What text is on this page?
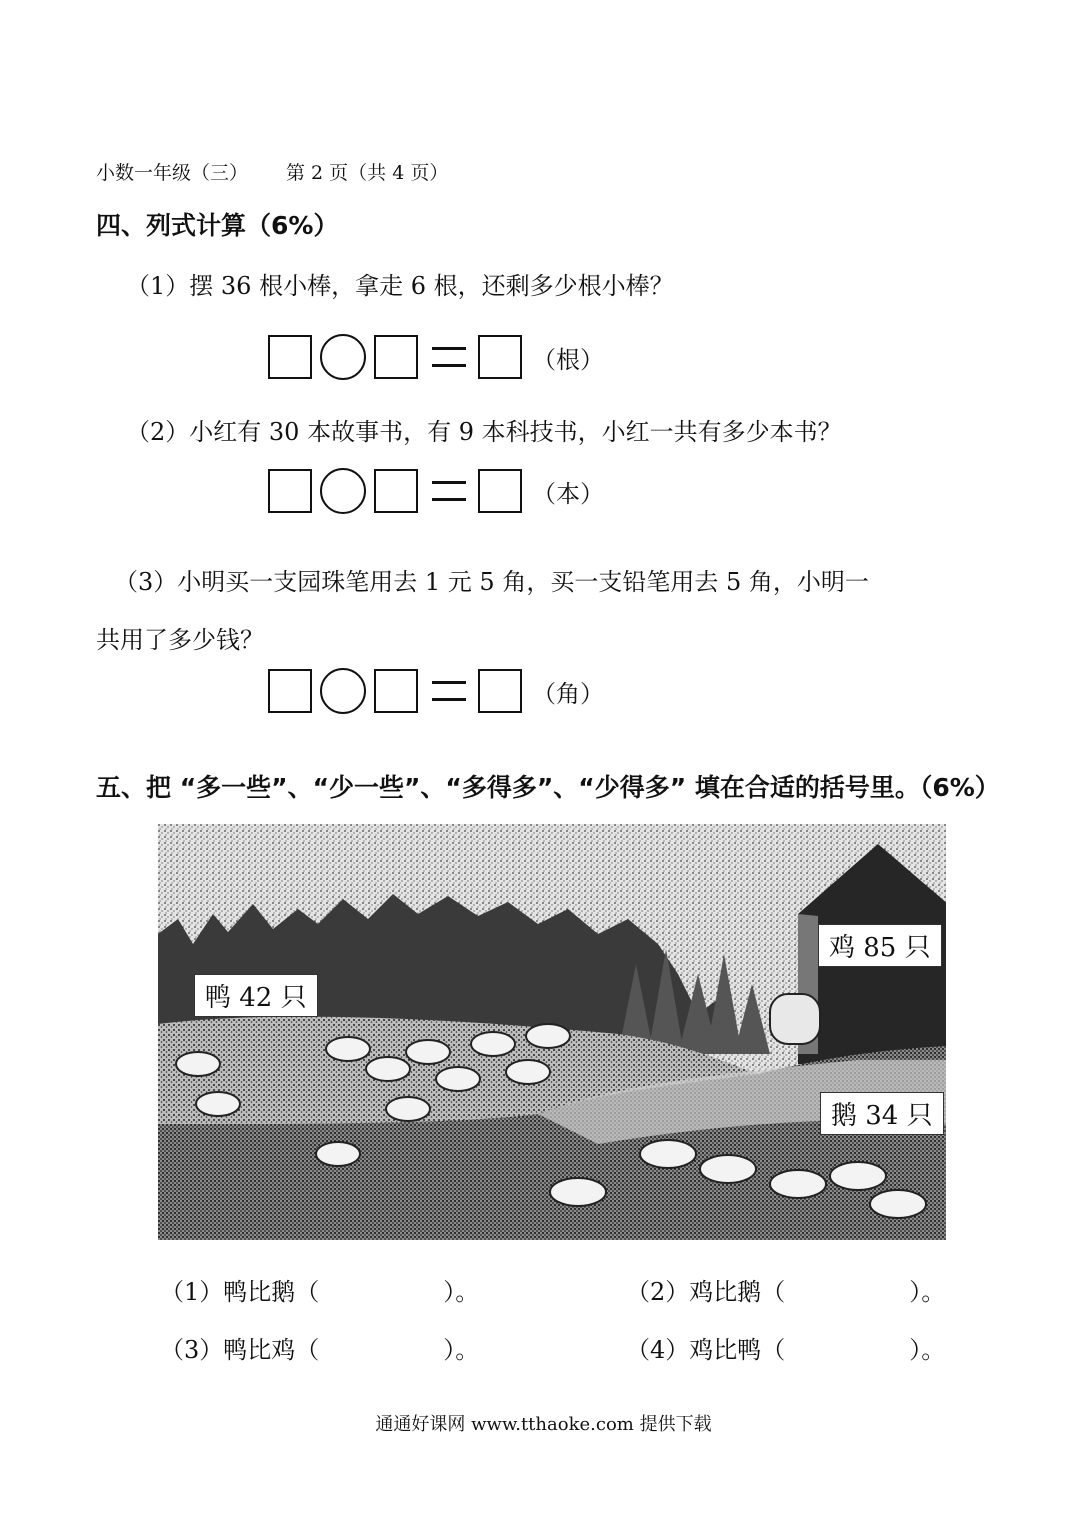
小数一年级（三） 第 2 页（共 4 页）
四、列式计算（6%）
（1）摆 36 根小棒，拿走 6 根，还剩多少根小棒？
（根）
（2）小红有 30 本故事书，有 9 本科技书，小红一共有多少本书？
（本）
（3）小明买一支园珠笔用去 1 元 5 角，买一支铅笔用去 5 角，小明一
共用了多少钱？
（角）
五、把 “多一些”、“少一些”、“多得多”、“少得多” 填在合适的括号里。（6%）
鸭 42 只
鸡 85 只
鹅 34 只
（1）鸭比鹅（	）。	（2）鸡比鹅（	）。
（3）鸭比鸡（	）。	（4）鸡比鸭（	）。
通通好课网 www.tthaoke.com 提供下载
